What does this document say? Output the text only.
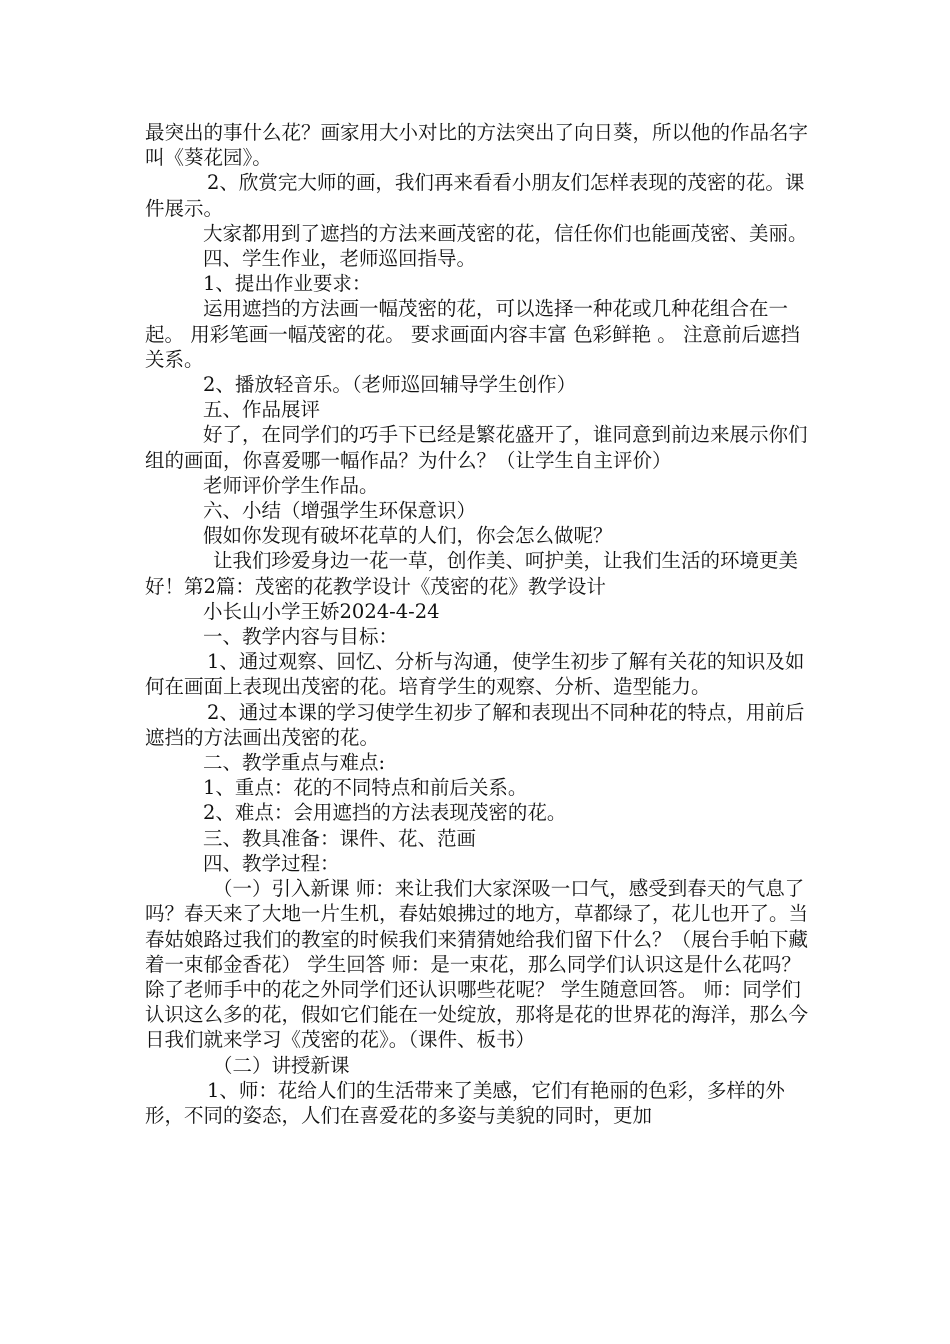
最突出的事什么花？画家用大小对比的方法突出了向日葵，所以他的作品名字叫《葵花园》。

2、欣赏完大师的画，我们再来看看小朋友们怎样表现的茂密的花。课件展示。

大家都用到了遮挡的方法来画茂密的花，信任你们也能画茂密、美丽。

四、学生作业，老师巡回指导。

1、提出作业要求：

运用遮挡的方法画一幅茂密的花，可以选择一种花或几种花组合在一起。 用彩笔画一幅茂密的花。 要求画面内容丰富 色彩鲜艳 。 注意前后遮挡关系。

2、播放轻音乐。（老师巡回辅导学生创作）

五、作品展评

好了，在同学们的巧手下已经是繁花盛开了，谁同意到前边来展示你们组的画面，你喜爱哪一幅作品？为什么？（让学生自主评价）

老师评价学生作品。

六、小结（增强学生环保意识）

假如你发现有破坏花草的人们，你会怎么做呢？

让我们珍爱身边一花一草，创作美、呵护美，让我们生活的环境更美好！第2篇：茂密的花教学设计《茂密的花》教学设计

小长山小学王娇2024-4-24

一、教学内容与目标：

1、通过观察、回忆、分析与沟通，使学生初步了解有关花的知识及如何在画面上表现出茂密的花。培育学生的观察、分析、造型能力。

2、通过本课的学习使学生初步了解和表现出不同种花的特点，用前后遮挡的方法画出茂密的花。

二、教学重点与难点:

1、重点：花的不同特点和前后关系。

2、难点：会用遮挡的方法表现茂密的花。

三、教具准备：课件、花、范画

四、教学过程：

（一）引入新课 师：来让我们大家深吸一口气，感受到春天的气息了吗？春天来了大地一片生机，春姑娘拂过的地方，草都绿了，花儿也开了。当春姑娘路过我们的教室的时候我们来猜猜她给我们留下什么？（展台手帕下藏着一束郁金香花） 学生回答 师：是一束花，那么同学们认识这是什么花吗？除了老师手中的花之外同学们还认识哪些花呢？ 学生随意回答。 师：同学们认识这么多的花，假如它们能在一处绽放，那将是花的世界花的海洋，那么今日我们就来学习《茂密的花》。（课件、板书）

（二）讲授新课

1、师：花给人们的生活带来了美感，它们有艳丽的色彩，多样的外形，不同的姿态，人们在喜爱花的多姿与美貌的同时，更加
